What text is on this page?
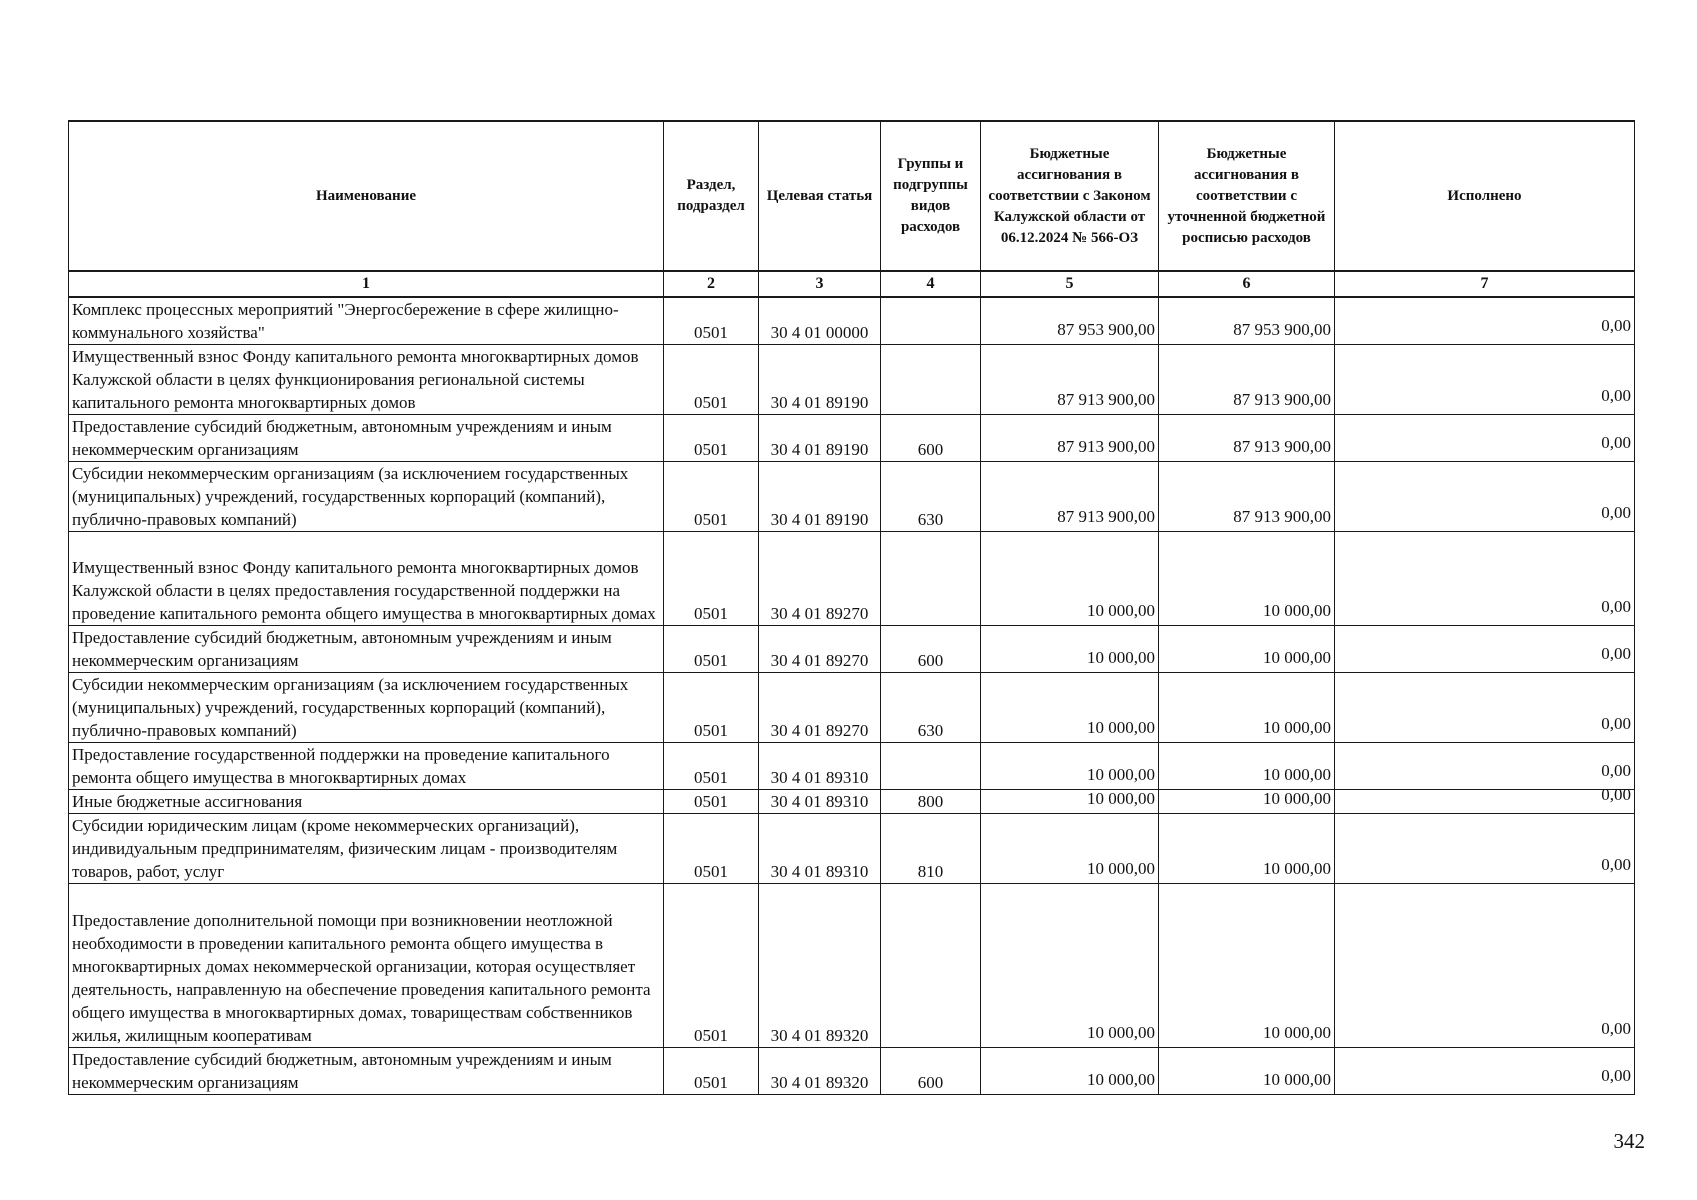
Наименование	Раздел, подраздел	Целевая статья	Группы и подгруппы видов расходов	Бюджетные ассигнования в соответствии с Законом Калужской области от 06.12.2024 № 566-ОЗ	Бюджетные ассигнования в соответствии с уточненной бюджетной росписью расходов	Исполнено
1	2	3	4	5	6	7
Комплекс процессных мероприятий "Энергосбережение в сфере жилищно-коммунального хозяйства"	0501	30 4 01 00000		87 953 900,00	87 953 900,00	0,00
Имущественный взнос Фонду капитального ремонта многоквартирных домов Калужской области в целях функционирования региональной системы капитального ремонта многоквартирных домов	0501	30 4 01 89190		87 913 900,00	87 913 900,00	0,00
Предоставление субсидий бюджетным, автономным учреждениям и иным некоммерческим организациям	0501	30 4 01 89190	600	87 913 900,00	87 913 900,00	0,00
Субсидии некоммерческим организациям (за исключением государственных (муниципальных) учреждений, государственных корпораций (компаний), публично-правовых компаний)	0501	30 4 01 89190	630	87 913 900,00	87 913 900,00	0,00
Имущественный взнос Фонду капитального ремонта многоквартирных домов Калужской области в целях предоставления государственной поддержки на проведение капитального ремонта общего имущества в многоквартирных домах	0501	30 4 01 89270		10 000,00	10 000,00	0,00
Предоставление субсидий бюджетным, автономным учреждениям и иным некоммерческим организациям	0501	30 4 01 89270	600	10 000,00	10 000,00	0,00
Субсидии некоммерческим организациям (за исключением государственных (муниципальных) учреждений, государственных корпораций (компаний), публично-правовых компаний)	0501	30 4 01 89270	630	10 000,00	10 000,00	0,00
Предоставление государственной поддержки на проведение капитального ремонта общего имущества в многоквартирных домах	0501	30 4 01 89310		10 000,00	10 000,00	0,00
Иные бюджетные ассигнования	0501	30 4 01 89310	800	10 000,00	10 000,00	0,00
Субсидии юридическим лицам (кроме некоммерческих организаций), индивидуальным предпринимателям, физическим лицам - производителям товаров, работ, услуг	0501	30 4 01 89310	810	10 000,00	10 000,00	0,00
Предоставление дополнительной помощи при возникновении неотложной необходимости в проведении капитального ремонта общего имущества в многоквартирных домах некоммерческой организации, которая осуществляет деятельность, направленную на обеспечение проведения капитального ремонта общего имущества в многоквартирных домах, товариществам собственников жилья, жилищным кооперативам	0501	30 4 01 89320		10 000,00	10 000,00	0,00
Предоставление субсидий бюджетным, автономным учреждениям и иным некоммерческим организациям	0501	30 4 01 89320	600	10 000,00	10 000,00	0,00
342
